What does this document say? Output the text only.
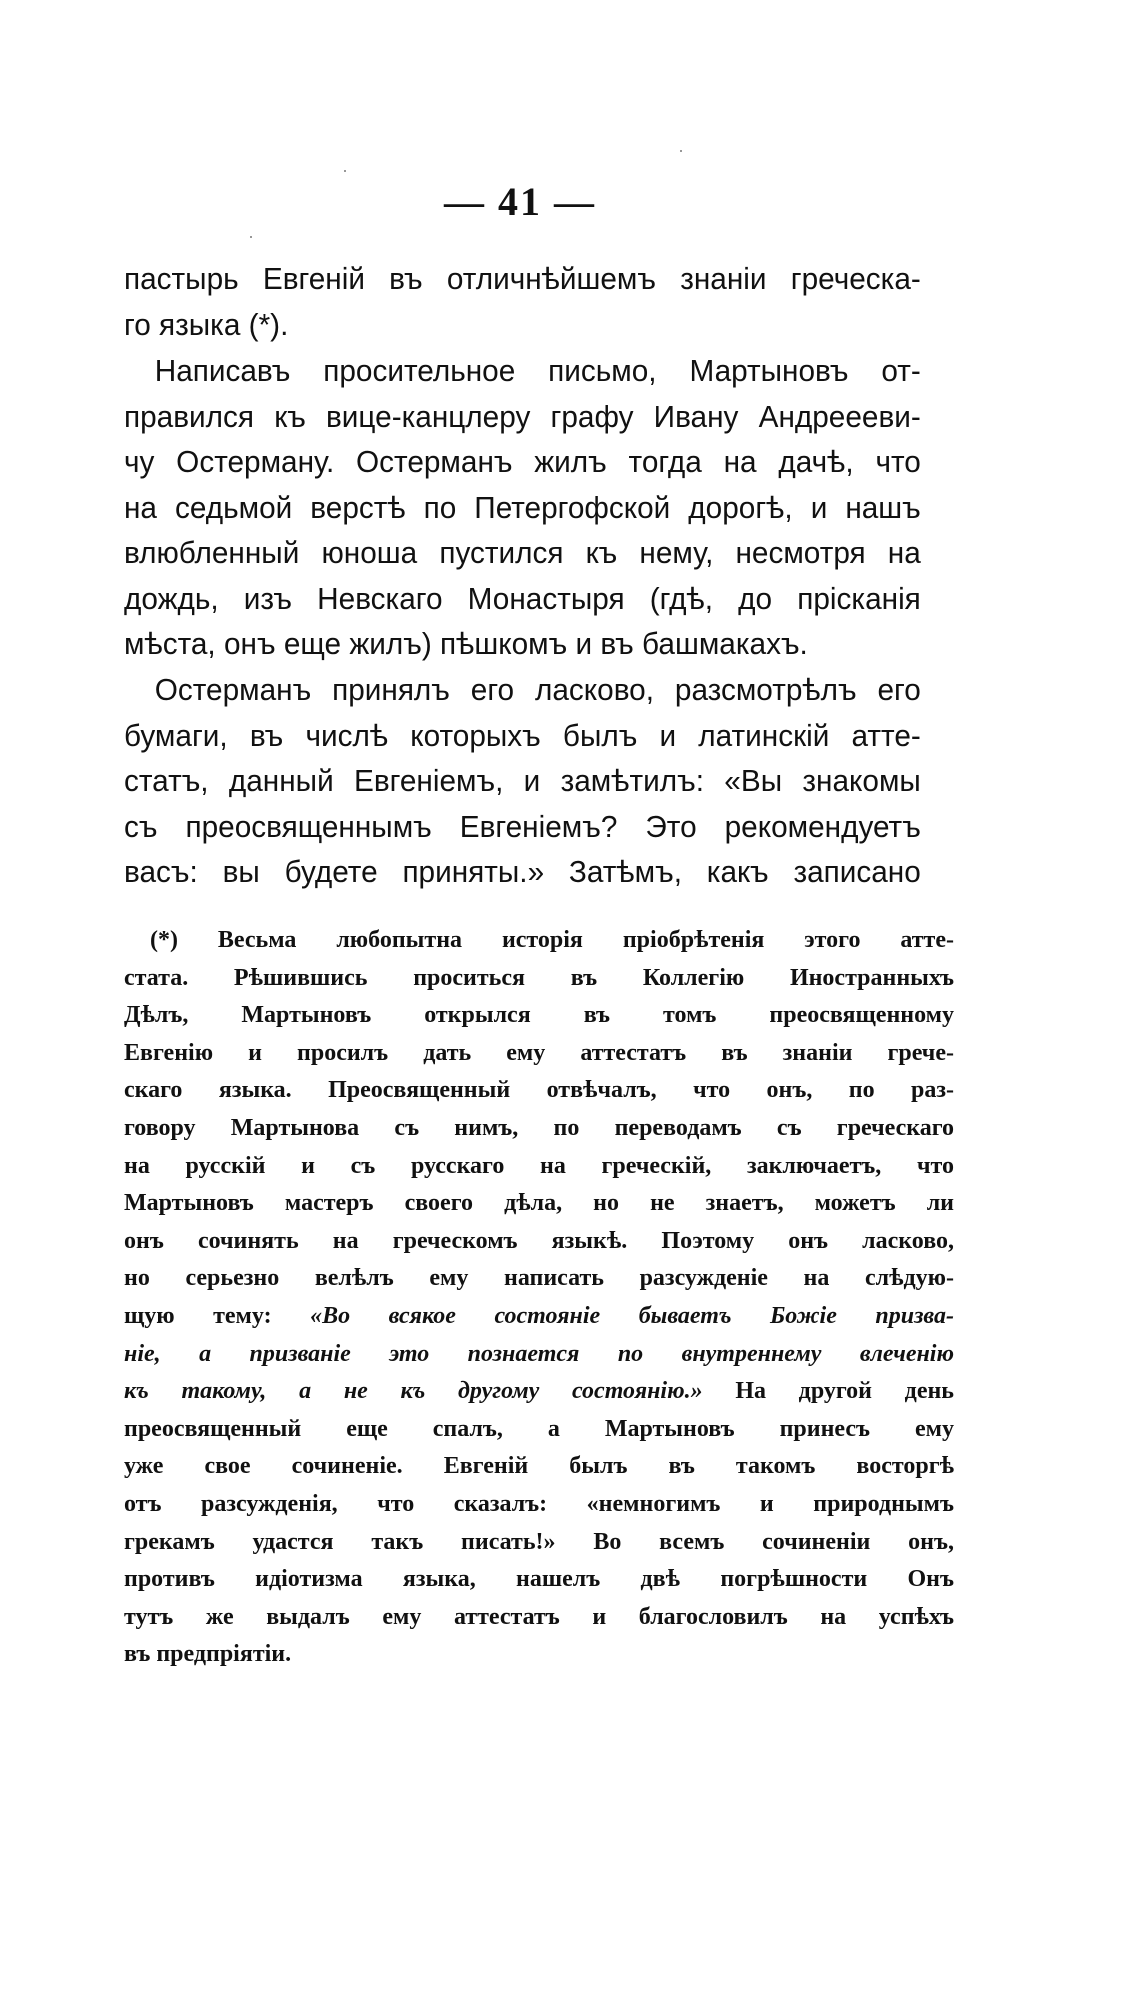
— 41 —
пастырь Евгеній въ отличнѣйшемъ знаніи греческа-
го языка (*).
Написавъ просительное письмо, Мартыновъ от-
правился къ вице-канцлеру графу Ивану Андреееви-
чу Остерману. Остерманъ жилъ тогда на дачѣ, что
на седьмой верстѣ по Петергофской дорогѣ, и нашъ
влюбленный юноша пустился къ нему, несмотря на
дождь, изъ Невскаго Монастыря (гдѣ, до прісканія
мѣста, онъ еще жилъ) пѣшкомъ и въ башмакахъ.
Остерманъ принялъ его ласково, разсмотрѣлъ его
бумаги, въ числѣ которыхъ былъ и латинскій атте-
статъ, данный Евгеніемъ, и замѣтилъ: «Вы знакомы
съ преосвященнымъ Евгеніемъ? Это рекомендуетъ
васъ: вы будете приняты.» Затѣмъ, какъ записано
(*) Весьма любопытна исторія пріобрѣтенія этого атте-
стата. Рѣшившись проситься въ Коллегію Иностранныхъ
Дѣлъ, Мартыновъ открылся въ томъ преосвященному
Евгенію и просилъ дать ему аттестатъ въ знаніи грече-
скаго языка. Преосвященный отвѣчалъ, что онъ, по раз-
говору Мартынова съ нимъ, по переводамъ съ греческаго
на русскій и съ русскаго на греческій, заключаетъ, что
Мартыновъ мастеръ своего дѣла, но не знаетъ, можетъ ли
онъ сочинять на греческомъ языкѣ. Поэтому онъ ласково,
но серьезно велѣлъ ему написать разсужденіе на слѣдую-
щую тему: «Во всякое состояніе бываетъ Божіе призва-
ніе, а призваніе это познается по внутреннему влеченію
къ такому, а не къ другому состоянію.» На другой день
преосвященный еще спалъ, а Мартыновъ принесъ ему
уже свое сочиненіе. Евгеній былъ въ такомъ восторгѣ
отъ разсужденія, что сказалъ: «немногимъ и природнымъ
грекамъ удастся такъ писать!» Во всемъ сочиненіи онъ,
противъ идіотизма языка, нашелъ двѣ погрѣшности Онъ
тутъ же выдалъ ему аттестатъ и благословилъ на успѣхъ
въ предпріятіи.
